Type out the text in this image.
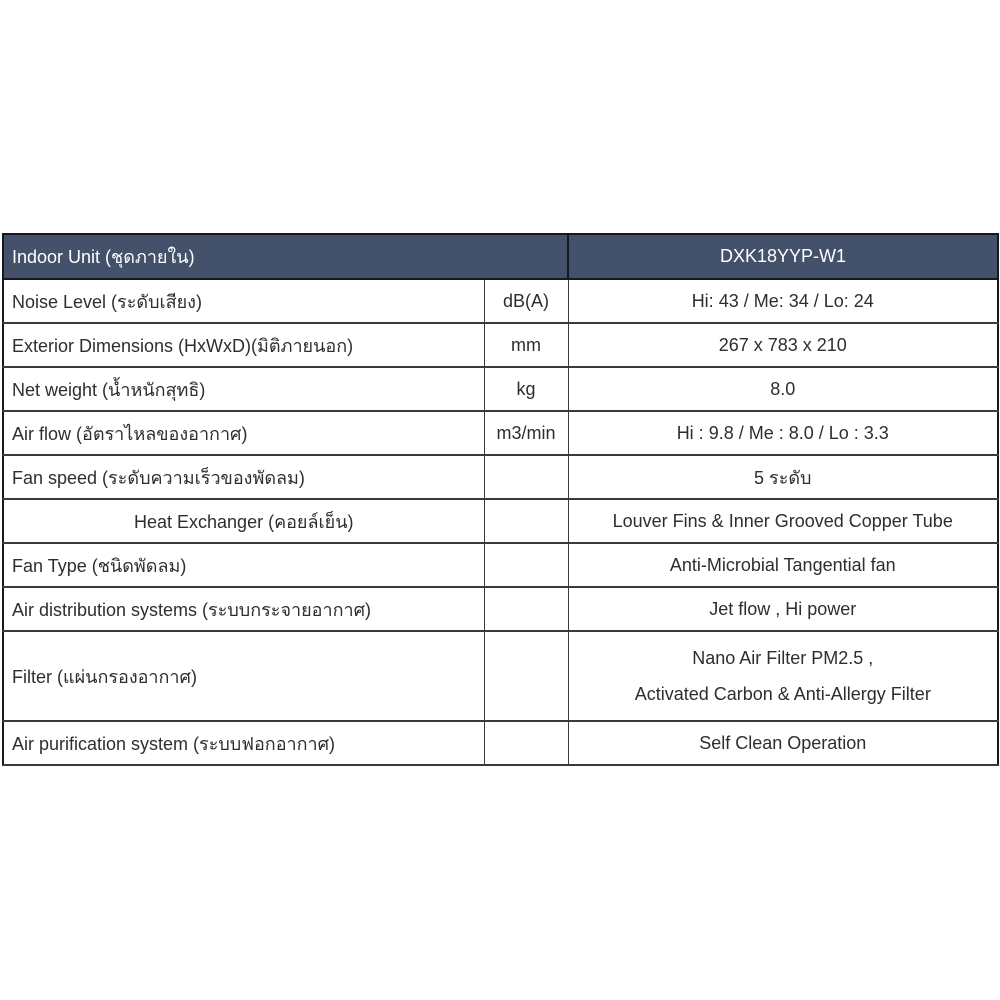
Indoor Unit (ชุดภายใน)		DXK18YYP-W1
Noise Level (ระดับเสียง)	dB(A)	Hi: 43 / Me: 34 / Lo: 24
Exterior Dimensions (HxWxD)(มิติภายนอก)	mm	267 x 783 x 210
Net weight (น้ำหนักสุทธิ)	kg	8.0
Air flow (อัตราไหลของอากาศ)	m3/min	Hi : 9.8 / Me : 8.0 / Lo : 3.3
Fan speed (ระดับความเร็วของพัดลม)		5 ระดับ
Heat Exchanger (คอยล์เย็น)		Louver Fins & Inner Grooved Copper Tube
Fan Type (ชนิดพัดลม)		Anti-Microbial Tangential fan
Air distribution systems (ระบบกระจายอากาศ)		Jet flow , Hi power
Filter (แผ่นกรองอากาศ)		Nano Air Filter PM2.5 ,
Activated Carbon & Anti-Allergy Filter

Air purification system (ระบบฟอกอากาศ)		Self Clean Operation
